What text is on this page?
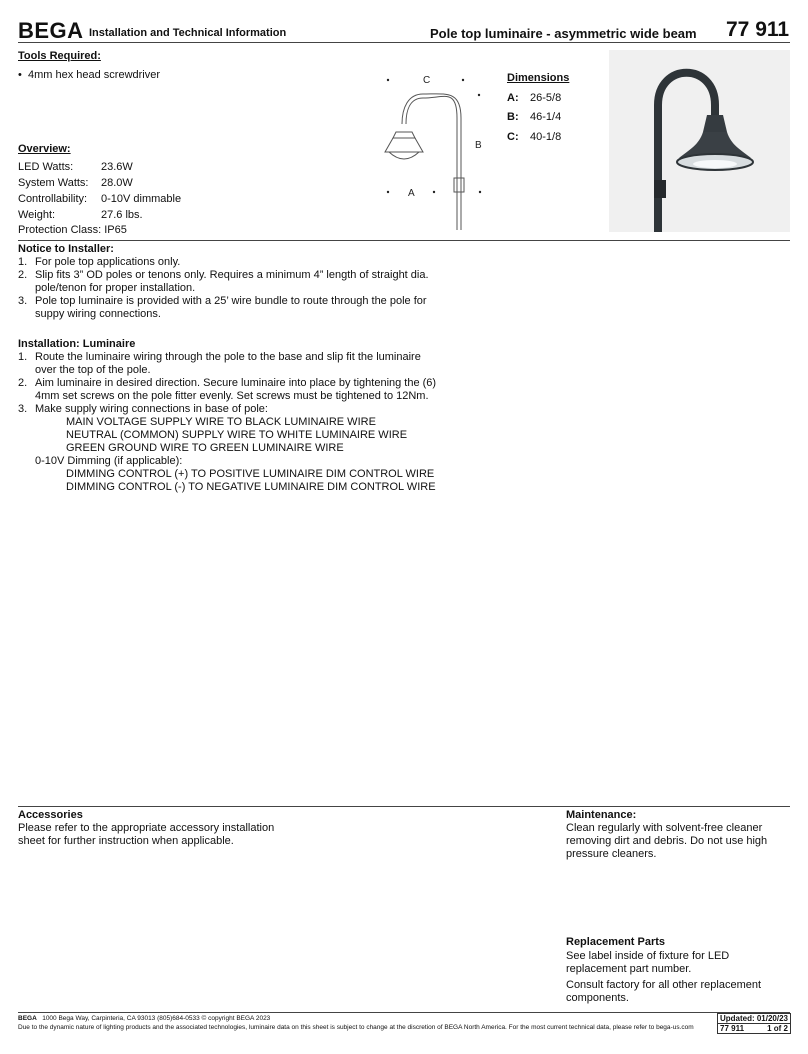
BEGA Installation and Technical Information	Pole top luminaire - asymmetric wide beam 77 911
Tools Required:
•  4mm hex head screwdriver
Overview:
LED Watts:	23.6W
System Watts: 28.0W
Controllability: 0-10V dimmable
Weight:	27.6 lbs.
Protection Class: IP65
C
B
A
Dimensions
A: 26-5/8
B: 46-1/4
C: 40-1/8
Notice to Installer:
1. For pole top applications only.
2. Slip fits 3” OD poles or tenons only. Requires a minimum 4” length of straight dia. pole/tenon for proper installation.
3. Pole top luminaire is provided with a 25’ wire bundle to route through the pole for suppy wiring connections.
Installation: Luminaire
1. Route the luminaire wiring through the pole to the base and slip fit the luminaire over the top of the pole.
2. Aim luminaire in desired direction. Secure luminaire into place by tightening the (6) 4mm set screws on the pole fitter evenly. Set screws must be tightened to 12Nm.
3. Make supply wiring connections in base of pole:
MAIN VOLTAGE SUPPLY WIRE TO BLACK LUMINAIRE WIRE
NEUTRAL (COMMON) SUPPLY WIRE TO WHITE LUMINAIRE WIRE
GREEN GROUND WIRE TO GREEN LUMINAIRE WIRE
0-10V Dimming (if applicable):
DIMMING CONTROL (+) TO POSITIVE LUMINAIRE DIM CONTROL WIRE
DIMMING CONTROL (-) TO NEGATIVE LUMINAIRE DIM CONTROL WIRE
Accessories
Please refer to the appropriate accessory installation sheet for further instruction when applicable.
Maintenance:
Clean regularly with solvent-free cleaner removing dirt and debris. Do not use high pressure cleaners.
Replacement Parts
See label inside of fixture for LED replacement part number.
Consult factory for all other replacement components.
BEGA 1000 Bega Way, Carpinteria, CA 93013 (805)684-0533 © copyright BEGA 2023
Due to the dynamic nature of lighting products and the associated technologies, luminaire data on this sheet is subject to change at the discretion of BEGA North America. For the most current technical data, please refer to bega-us.com
Updated: 01/20/23
77 911	1 of 2
